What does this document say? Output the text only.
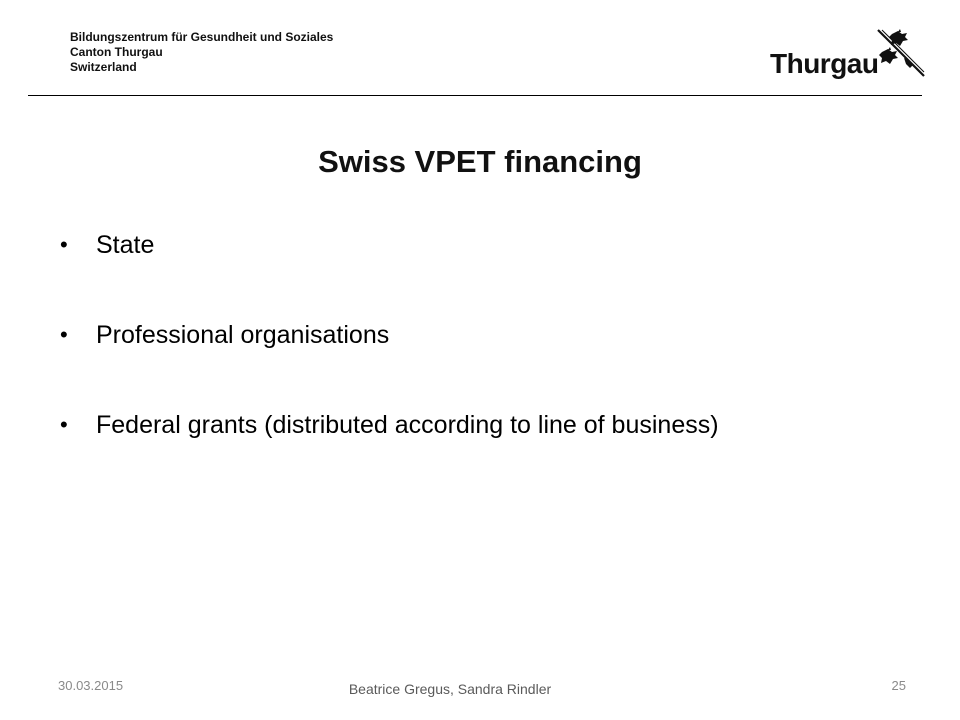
Bildungszentrum für Gesundheit und Soziales
Canton Thurgau
Switzerland	Thurgau
Swiss VPET financing
• State
• Professional organisations
• Federal grants (distributed according to line of business)
30.03.2015	Beatrice Gregus, Sandra Rindler	25
